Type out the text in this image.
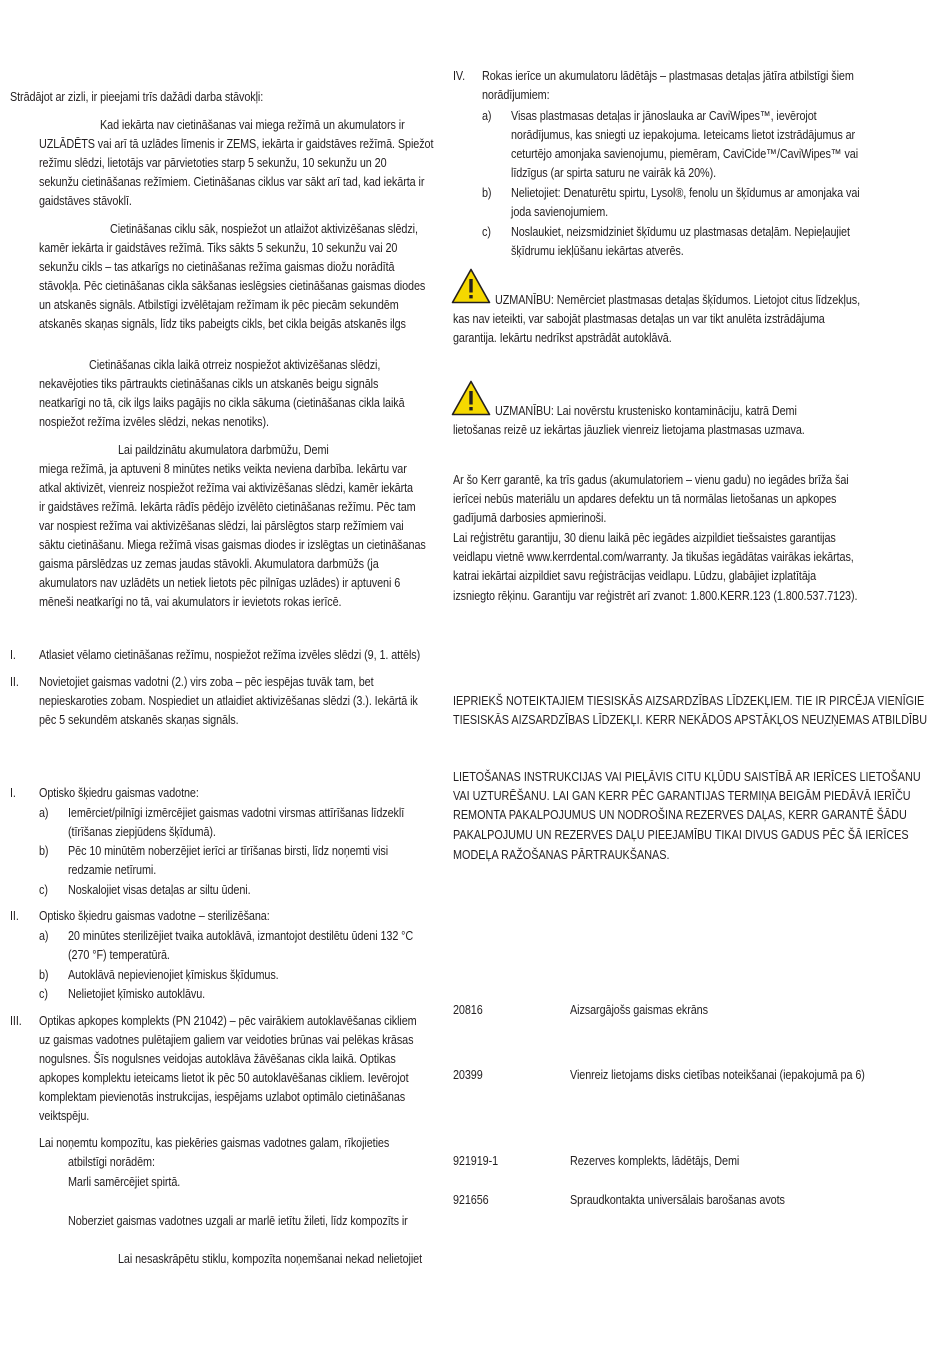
Strādājot ar zizli, ir pieejami trīs dažādi darba stāvokļi:
Kad iekārta nav cietināšanas vai miega režīmā un akumulators ir
UZLĀDĒTS vai arī tā uzlādes līmenis ir ZEMS, iekārta ir gaidstāves režīmā. Spiežot
režīmu slēdzi, lietotājs var pārvietoties starp 5 sekunžu, 10 sekunžu un 20
sekunžu cietināšanas režīmiem. Cietināšanas ciklus var sākt arī tad, kad iekārta ir
gaidstāves stāvoklī.
Cietināšanas ciklu sāk, nospiežot un atlaižot aktivizēšanas slēdzi,
kamēr iekārta ir gaidstāves režīmā. Tiks sākts 5 sekunžu, 10 sekunžu vai 20
sekunžu cikls – tas atkarīgs no cietināšanas režīma gaismas diožu norādītā
stāvokļa. Pēc cietināšanas cikla sākšanas ieslēgsies cietināšanas gaismas diodes
un atskanēs signāls. Atbilstīgi izvēlētajam režīmam ik pēc piecām sekundēm
atskanēs skaņas signāls, līdz tiks pabeigts cikls, bet cikla beigās atskanēs ilgs
Cietināšanas cikla laikā otrreiz nospiežot aktivizēšanas slēdzi,
nekavējoties tiks pārtraukts cietināšanas cikls un atskanēs beigu signāls
neatkarīgi no tā, cik ilgs laiks pagājis no cikla sākuma (cietināšanas cikla laikā
nospiežot režīma izvēles slēdzi, nekas nenotiks).
Lai paildzinātu akumulatora darbmūžu, Demi
miega režīmā, ja aptuveni 8 minūtes netiks veikta neviena darbība. Iekārtu var
atkal aktivizēt, vienreiz nospiežot režīma vai aktivizēšanas slēdzi, kamēr iekārta
ir gaidstāves režīmā. Iekārta rādīs pēdējo izvēlēto cietināšanas režīmu. Pēc tam
var nospiest režīma vai aktivizēšanas slēdzi, lai pārslēgtos starp režīmiem vai
sāktu cietināšanu. Miega režīmā visas gaismas diodes ir izslēgtas un cietināšanas
gaisma pārslēdzas uz zemas jaudas stāvokli. Akumulatora darbmūžs (ja
akumulators nav uzlādēts un netiek lietots pēc pilnīgas uzlādes) ir aptuveni 6
mēneši neatkarīgi no tā, vai akumulators ir ievietots rokas ierīcē.
I. Atlasiet vēlamo cietināšanas režīmu, nospiežot režīma izvēles slēdzi (9, 1. attēls)
II. Novietojiet gaismas vadotni (2.) virs zoba – pēc iespējas tuvāk tam, bet
nepieskaroties zobam. Nospiediet un atlaidiet aktivizēšanas slēdzi (3.). Iekārtā ik
pēc 5 sekundēm atskanēs skaņas signāls.
I. Optisko šķiedru gaismas vadotne:
a) Iemērciet/pilnīgi izmērcējiet gaismas vadotni virsmas attīrīšanas līdzeklī
(tīrīšanas ziepjūdens šķīdumā).
b) Pēc 10 minūtēm noberzējiet ierīci ar tīrīšanas birsti, līdz noņemti visi
redzamie netīrumi.
c) Noskalojiet visas detaļas ar siltu ūdeni.
II. Optisko šķiedru gaismas vadotne – sterilizēšana:
a) 20 minūtes sterilizējiet tvaika autoklāvā, izmantojot destilētu ūdeni 132 °C
(270 °F) temperatūrā.
b) Autoklāvā nepievienojiet ķīmiskus šķīdumus.
c) Nelietojiet ķīmisko autoklāvu.
III. Optikas apkopes komplekts (PN 21042) – pēc vairākiem autoklavēšanas cikliem
uz gaismas vadotnes pulētajiem galiem var veidoties brūnas vai pelēkas krāsas
nogulsnes. Šīs nogulsnes veidojas autoklāva žāvēšanas cikla laikā. Optikas
apkopes komplektu ieteicams lietot ik pēc 50 autoklavēšanas cikliem. Ievērojot
komplektam pievienotās instrukcijas, iespējams uzlabot optimālo cietināšanas
veiktspēju.
Lai noņemtu kompozītu, kas piekēries gaismas vadotnes galam, rīkojieties
atbilstīgi norādēm:
Marli samērcējiet spirtā.
Noberziet gaismas vadotnes uzgali ar marlē ietītu žileti, līdz kompozīts ir
Lai nesaskrāpētu stiklu, kompozīta noņemšanai nekad nelietojiet
IV. Rokas ierīce un akumulatoru lādētājs – plastmasas detaļas jātīra atbilstīgi šiem
norādījumiem:
a) Visas plastmasas detaļas ir jānoslauka ar CaviWipes™, ievērojot
norādījumus, kas sniegti uz iepakojuma. Ieteicams lietot izstrādājumus ar
ceturtējo amonjaka savienojumu, piemēram, CaviCide™/CaviWipes™ vai
līdzīgus (ar spirta saturu ne vairāk kā 20%).
b) Nelietojiet: Denaturētu spirtu, Lysol®, fenolu un šķīdumus ar amonjaka vai
joda savienojumiem.
c) Noslaukiet, neizsmidziniet šķīdumu uz plastmasas detaļām. Nepieļaujiet
šķīdrumu iekļūšanu iekārtas atverēs.
UZMANĪBU: Nemērciet plastmasas detaļas šķīdumos. Lietojot citus līdzekļus,
kas nav ieteikti, var sabojāt plastmasas detaļas un var tikt anulēta izstrādājuma
garantija. Iekārtu nedrīkst apstrādāt autoklāvā.
UZMANĪBU: Lai novērstu krustenisko kontamināciju, katrā Demi
lietošanas reizē uz iekārtas jāuzliek vienreiz lietojama plastmasas uzmava.
Ar šo Kerr garantē, ka trīs gadus (akumulatoriem – vienu gadu) no iegādes brīža šai
ierīcei nebūs materiālu un apdares defektu un tā normālas lietošanas un apkopes
gadījumā darbosies apmierinoši.
Lai reģistrētu garantiju, 30 dienu laikā pēc iegādes aizpildiet tiešsaistes garantijas
veidlapu vietnē www.kerrdental.com/warranty. Ja tikušas iegādātas vairākas iekārtas,
katrai iekārtai aizpildiet savu reģistrācijas veidlapu. Lūdzu, glabājiet izplatītāja
izsniegto rēķinu. Garantiju var reģistrēt arī zvanot: 1.800.KERR.123 (1.800.537.7123).
IEPRIEKŠ NOTEIKTAJIEM TIESISKĀS AIZSARDZĪBAS LĪDZEKĻIEM. TIE IR PIRCĒJA VIENĪGIE
TIESISKĀS AIZSARDZĪBAS LĪDZEKĻI. KERR NEKĀDOS APSTĀKĻOS NEUZŅEMAS ATBILDĪBU
LIETOŠANAS INSTRUKCIJAS VAI PIEĻĀVIS CITU KĻŪDU SAISTĪBĀ AR IERĪCES LIETOŠANU
VAI UZTURĒŠANU. LAI GAN KERR PĒC GARANTIJAS TERMIŅA BEIGĀM PIEDĀVĀ IERĪČU
REMONTA PAKALPOJUMUS UN NODROŠINA REZERVES DAĻAS, KERR GARANTĒ ŠĀDU
PAKALPOJUMU UN REZERVES DAĻU PIEEJAMĪBU TIKAI DIVUS GADUS PĒC ŠĀ IERĪCES
MODEĻA RAŽOŠANAS PĀRTRAUKŠANAS.
20816	Aizsargājošs gaismas ekrāns
20399	Vienreiz lietojams disks cietības noteikšanai (iepakojumā pa 6)
921919-1	Rezerves komplekts, lādētājs, Demi
921656	Spraudkontakta universālais barošanas avots
